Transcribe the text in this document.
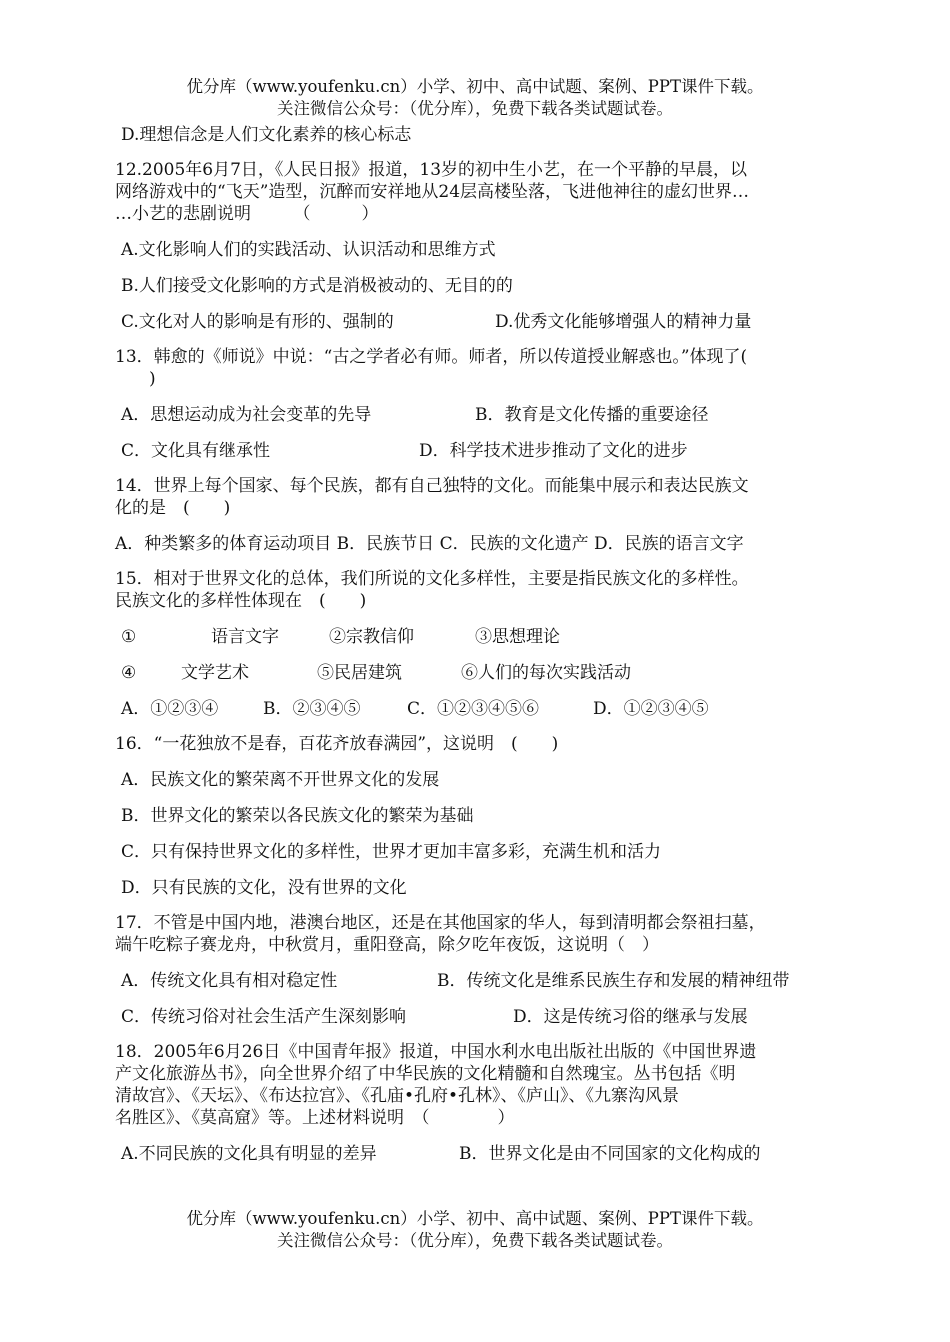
优分库（www.youfenku.cn）小学、初中、高中试题、案例、PPT课件下载。
关注微信公众号：（优分库），免费下载各类试题试卷。
D.理想信念是人们文化素养的核心标志
12.2005年6月7日，《人民日报》报道，13岁的初中生小艺，在一个平静的早晨，以
网络游戏中的“飞天”造型，沉醉而安祥地从24层高楼坠落，飞进他神往的虚幻世界…
…小艺的悲剧说明　　　（　　　）
A.文化影响人们的实践活动、认识活动和思维方式
B.人们接受文化影响的方式是消极被动的、无目的的
C.文化对人的影响是有形的、强制的	D.优秀文化能够增强人的精神力量
13．韩愈的《师说》中说：“古之学者必有师。师者，所以传道授业解惑也。”体现了(
　　)
A．思想运动成为社会变革的先导	B．教育是文化传播的重要途径
C．文化具有继承性	D．科学技术进步推动了文化的进步
14．世界上每个国家、每个民族，都有自己独特的文化。而能集中展示和表达民族文
化的是　(　　)
A．种类繁多的体育运动项目 B．民族节日 C．民族的文化遗产 D．民族的语言文字
15．相对于世界文化的总体，我们所说的文化多样性，主要是指民族文化的多样性。
民族文化的多样性体现在　(　　)
①	语言文字	②宗教信仰	③思想理论
④	文学艺术	⑤民居建筑	⑥人们的每次实践活动
A．①②③④	B．②③④⑤	C．①②③④⑤⑥	D．①②③④⑤
16．“一花独放不是春，百花齐放春满园”，这说明　(　　)
A．民族文化的繁荣离不开世界文化的发展
B．世界文化的繁荣以各民族文化的繁荣为基础
C．只有保持世界文化的多样性，世界才更加丰富多彩，充满生机和活力
D．只有民族的文化，没有世界的文化
17．不管是中国内地，港澳台地区，还是在其他国家的华人，每到清明都会祭祖扫墓，
端午吃粽子赛龙舟，中秋赏月，重阳登高，除夕吃年夜饭，这说明（　）
A．传统文化具有相对稳定性	B．传统文化是维系民族生存和发展的精神纽带
C．传统习俗对社会生活产生深刻影响	D．这是传统习俗的继承与发展
18．2005年6月26日《中国青年报》报道，中国水利水电出版社出版的《中国世界遗
产文化旅游丛书》，向全世界介绍了中华民族的文化精髓和自然瑰宝。丛书包括《明
清故宫》、《天坛》、《布达拉宫》、《孔庙•孔府•孔林》、《庐山》、《九寨沟风景
名胜区》、《莫高窟》等。上述材料说明　（　　　　）
A.不同民族的文化具有明显的差异	B．世界文化是由不同国家的文化构成的
优分库（www.youfenku.cn）小学、初中、高中试题、案例、PPT课件下载。
关注微信公众号：（优分库），免费下载各类试题试卷。
